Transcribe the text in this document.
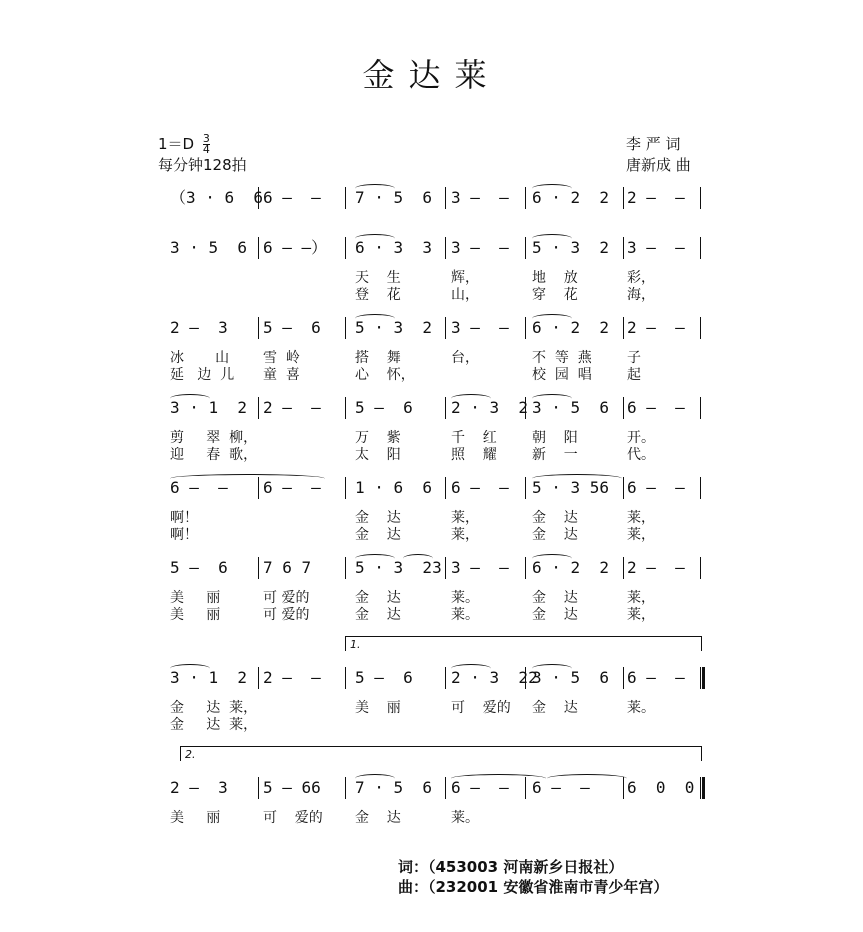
金达莱
$1=D \frac{3}{4}$
每分钟128拍
李 严 词
唐新成 曲
（3 · 6  6 6 —  — 7 · 5  6 3 —  — 6 · 2  2 2 —  —
3 · 5  6 6 — —） 6 · 3  3 3 —  — 5 · 3  2 3 —  —
天    生	辉，	地    放	彩，
登    花	山，	穿    花	海，
2 —  3 5 —  6 5 · 3  2 3 —  — 6 · 2  2 2 —  —
冰       山 雪  岭	搭    舞	台，	不  等  燕	子
延   边  儿 童  喜	心    怀，	校  园  唱	起
3 · 1  2 2 —  — 5 —  6 2 · 3  2 3 · 5  6 6 —  —
剪     翠  柳，	万    紫	千    红	朝    阳	开。
迎     春  歌，	太    阳	照    耀	新    一	代。
6 —  — 6 —  — 1 · 6  6 6 —  — 5 · 3 56 6 —  —
啊！	金    达	莱，	金    达	莱，
啊！	金    达	莱，	金    达	莱，
5 —  6 7 6 7	5 · 3  23 3 —  — 6 · 2  2 2 —  —
美     丽	可 爱的	金    达	莱。	金    达	莱，
美     丽	可 爱的	金    达	莱。	金    达	莱，
3 · 1  2 2 —  — 5 —  6 2 · 3  22
3 · 5  6 6 —  —
1.
金     达  莱，	美    丽	可    爱的 金    达	莱。
金     达  莱，
2 —  3 5 — 66 7 · 5  6 6 —  — 6 —  — 6  0  0
2.
美     丽	可    爱的 金    达	莱。
词：（453003 河南新乡日报社）
曲：（232001 安徽省淮南市青少年宫）
